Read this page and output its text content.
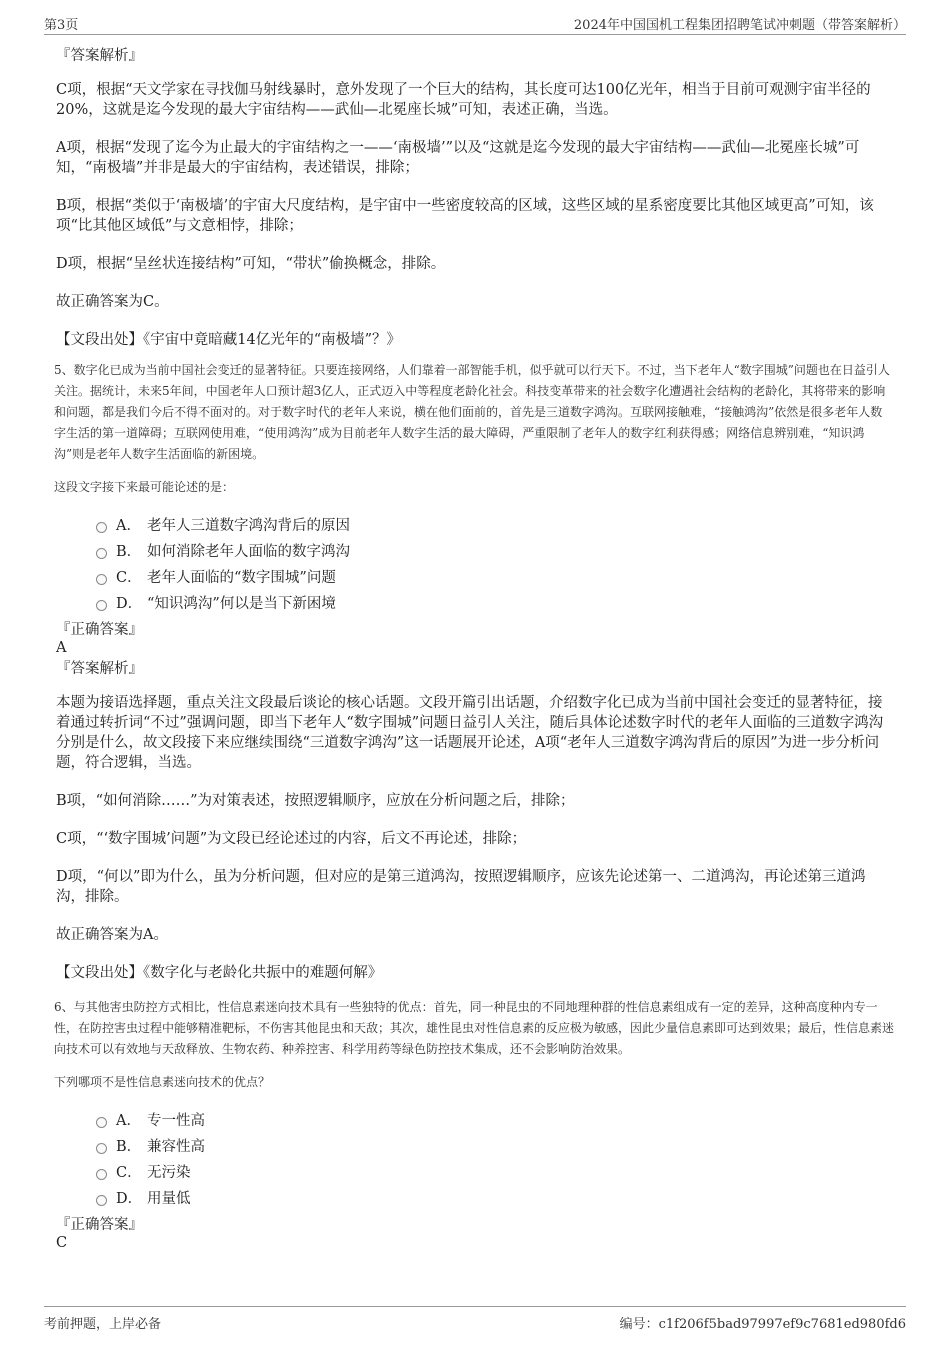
第3页	2024年中国国机工程集团招聘笔试冲刺题（带答案解析）
『答案解析』

C项，根据“天文学家在寻找伽马射线暴时，意外发现了一个巨大的结构，其长度可达100亿光年，相当于目前可观测宇宙半径的 20%，这就是迄今发现的最大宇宙结构——武仙—北冕座长城”可知，表述正确，当选。

A项，根据“发现了迄今为止最大的宇宙结构之一——‘南极墙’”以及“这就是迄今发现的最大宇宙结构——武仙—北冕座长城”可知，“南极墙”并非是最大的宇宙结构，表述错误，排除；

B项，根据“类似于‘南极墙’的宇宙大尺度结构，是宇宙中一些密度较高的区域，这些区域的星系密度要比其他区域更高”可知，该项“比其他区域低”与文意相悖，排除；

D项，根据“呈丝状连接结构”可知，“带状”偷换概念，排除。

故正确答案为C。

【文段出处】《宇宙中竟暗藏14亿光年的“南极墙”？》

5、数字化已成为当前中国社会变迁的显著特征。只要连接网络，人们靠着一部智能手机，似乎就可以行天下。不过，当下老年人“数字围城”问题也在日益引人关注。据统计，未来5年间，中国老年人口预计超3亿人，正式迈入中等程度老龄化社会。科技变革带来的社会数字化遭遇社会结构的老龄化，其将带来的影响和问题，都是我们今后不得不面对的。对于数字时代的老年人来说，横在他们面前的，首先是三道数字鸿沟。互联网接触难，“接触鸿沟”依然是很多老年人数字生活的第一道障碍；互联网使用难，“使用鸿沟”成为目前老年人数字生活的最大障碍，严重限制了老年人的数字红利获得感；网络信息辨别难，“知识鸿沟”则是老年人数字生活面临的新困境。

这段文字接下来最可能论述的是：

A． 老年人三道数字鸿沟背后的原因
B． 如何消除老年人面临的数字鸿沟
C． 老年人面临的“数字围城”问题
D． “知识鸿沟”何以是当下新困境

『正确答案』

A

『答案解析』

本题为接语选择题，重点关注文段最后谈论的核心话题。文段开篇引出话题，介绍数字化已成为当前中国社会变迁的显著特征，接着通过转折词“不过”强调问题，即当下老年人“数字围城”问题日益引人关注，随后具体论述数字时代的老年人面临的三道数字鸿沟分别是什么，故文段接下来应继续围绕“三道数字鸿沟”这一话题展开论述，A项“老年人三道数字鸿沟背后的原因”为进一步分析问题，符合逻辑，当选。

B项，“如何消除……”为对策表述，按照逻辑顺序，应放在分析问题之后，排除；

C项，“‘数字围城’问题”为文段已经论述过的内容，后文不再论述，排除；

D项，“何以”即为什么，虽为分析问题，但对应的是第三道鸿沟，按照逻辑顺序，应该先论述第一、二道鸿沟，再论述第三道鸿沟，排除。

故正确答案为A。

【文段出处】《数字化与老龄化共振中的难题何解》

6、与其他害虫防控方式相比，性信息素迷向技术具有一些独特的优点：首先，同一种昆虫的不同地理种群的性信息素组成有一定的差异，这种高度种内专一性，在防控害虫过程中能够精准靶标，不伤害其他昆虫和天敌；其次，雄性昆虫对性信息素的反应极为敏感，因此少量信息素即可达到效果；最后，性信息素迷向技术可以有效地与天敌释放、生物农药、种养控害、科学用药等绿色防控技术集成，还不会影响防治效果。

下列哪项不是性信息素迷向技术的优点？

A． 专一性高
B． 兼容性高
C． 无污染
D． 用量低

『正确答案』

C

考前押题，上岸必备	编号：c1f206f5bad97997ef9c7681ed980fd6
